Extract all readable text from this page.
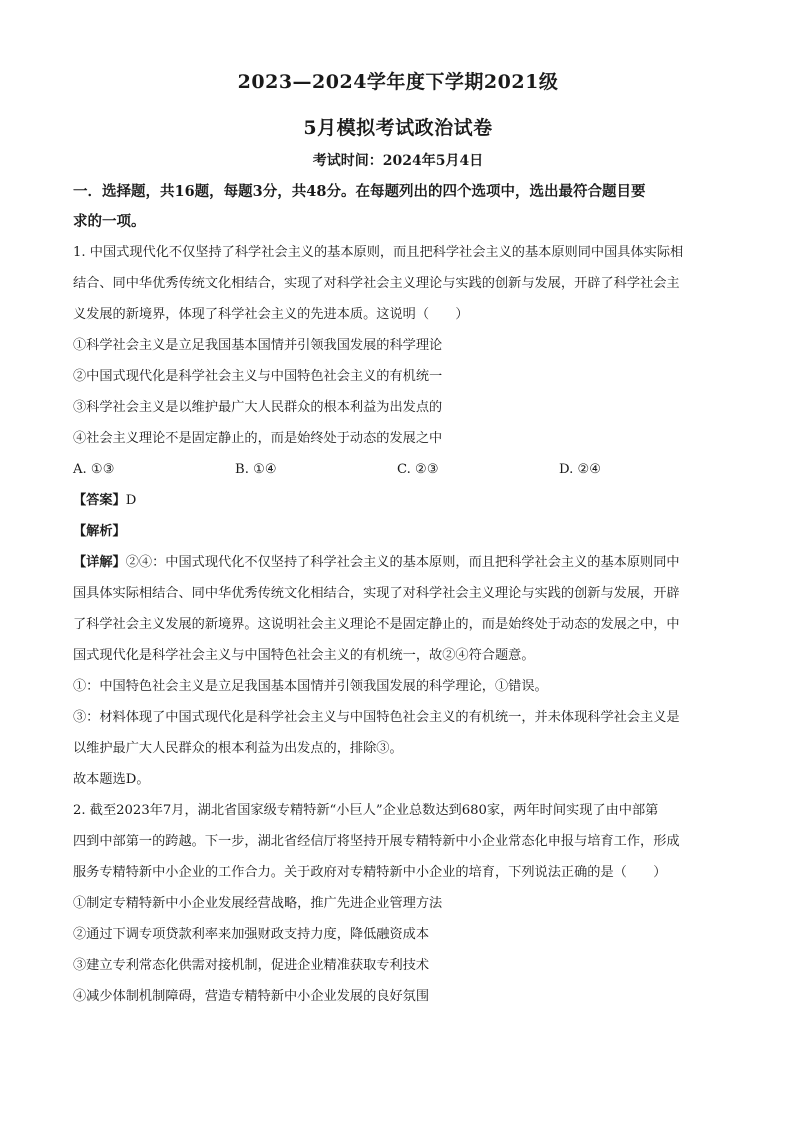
2023—2024学年度下学期2021级
5月模拟考试政治试卷
考试时间：2024年5月4日
一．选择题，共16题，每题3分，共48分。在每题列出的四个选项中，选出最符合题目要
求的一项。
1. 中国式现代化不仅坚持了科学社会主义的基本原则，而且把科学社会主义的基本原则同中国具体实际相
结合、同中华优秀传统文化相结合，实现了对科学社会主义理论与实践的创新与发展，开辟了科学社会主
义发展的新境界，体现了科学社会主义的先进本质。这说明（　　）
①科学社会主义是立足我国基本国情并引领我国发展的科学理论
②中国式现代化是科学社会主义与中国特色社会主义的有机统一
③科学社会主义是以维护最广大人民群众的根本利益为出发点的
④社会主义理论不是固定静止的，而是始终处于动态的发展之中
A. ①③	B. ①④	C. ②③	D. ②④
【答案】D
【解析】
【详解】②④：中国式现代化不仅坚持了科学社会主义的基本原则，而且把科学社会主义的基本原则同中
国具体实际相结合、同中华优秀传统文化相结合，实现了对科学社会主义理论与实践的创新与发展，开辟
了科学社会主义发展的新境界。这说明社会主义理论不是固定静止的，而是始终处于动态的发展之中，中
国式现代化是科学社会主义与中国特色社会主义的有机统一，故②④符合题意。
①：中国特色社会主义是立足我国基本国情并引领我国发展的科学理论，①错误。
③：材料体现了中国式现代化是科学社会主义与中国特色社会主义的有机统一，并未体现科学社会主义是
以维护最广大人民群众的根本利益为出发点的，排除③。
故本题选D。
2. 截至2023年7月，湖北省国家级专精特新“小巨人”企业总数达到680家，两年时间实现了由中部第
四到中部第一的跨越。下一步，湖北省经信厅将坚持开展专精特新中小企业常态化申报与培育工作，形成
服务专精特新中小企业的工作合力。关于政府对专精特新中小企业的培育，下列说法正确的是（　　）
①制定专精特新中小企业发展经营战略，推广先进企业管理方法
②通过下调专项贷款利率来加强财政支持力度，降低融资成本
③建立专利常态化供需对接机制，促进企业精准获取专利技术
④减少体制机制障碍，营造专精特新中小企业发展的良好氛围
